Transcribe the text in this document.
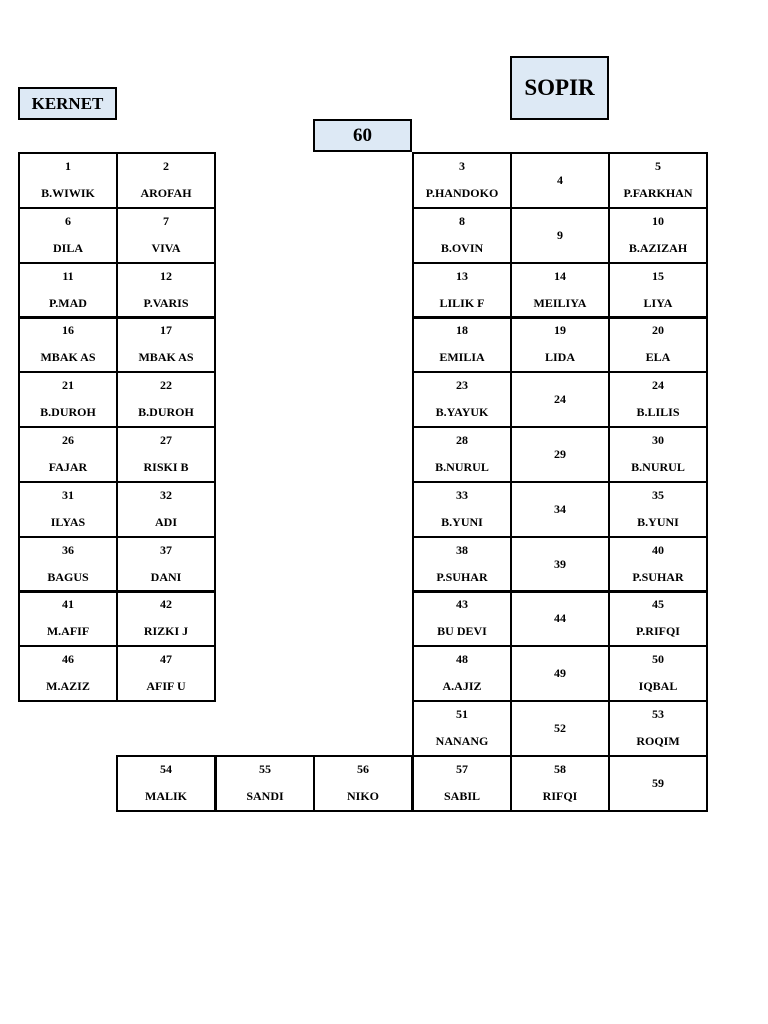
KERNET
SOPIR
60
1
B.WIWIK
2
AROFAH
3
P.HANDOKO
4
5
P.FARKHAN
6
DILA
7
VIVA
8
B.OVIN
9
10
B.AZIZAH
11
P.MAD
12
P.VARIS
13
LILIK F
14
MEILIYA
15
LIYA
16
MBAK AS
17
MBAK AS
18
EMILIA
19
LIDA
20
ELA
21
B.DUROH
22
B.DUROH
23
B.YAYUK
24
24
B.LILIS
26
FAJAR
27
RISKI B
28
B.NURUL
29
30
B.NURUL
31
ILYAS
32
ADI
33
B.YUNI
34
35
B.YUNI
36
BAGUS
37
DANI
38
P.SUHAR
39
40
P.SUHAR
41
M.AFIF
42
RIZKI J
43
BU DEVI
44
45
P.RIFQI
46
M.AZIZ
47
AFIF U
48
A.AJIZ
49
50
IQBAL
51
NANANG
52
53
ROQIM
54
MALIK
55
SANDI
56
NIKO
57
SABIL
58
RIFQI
59
